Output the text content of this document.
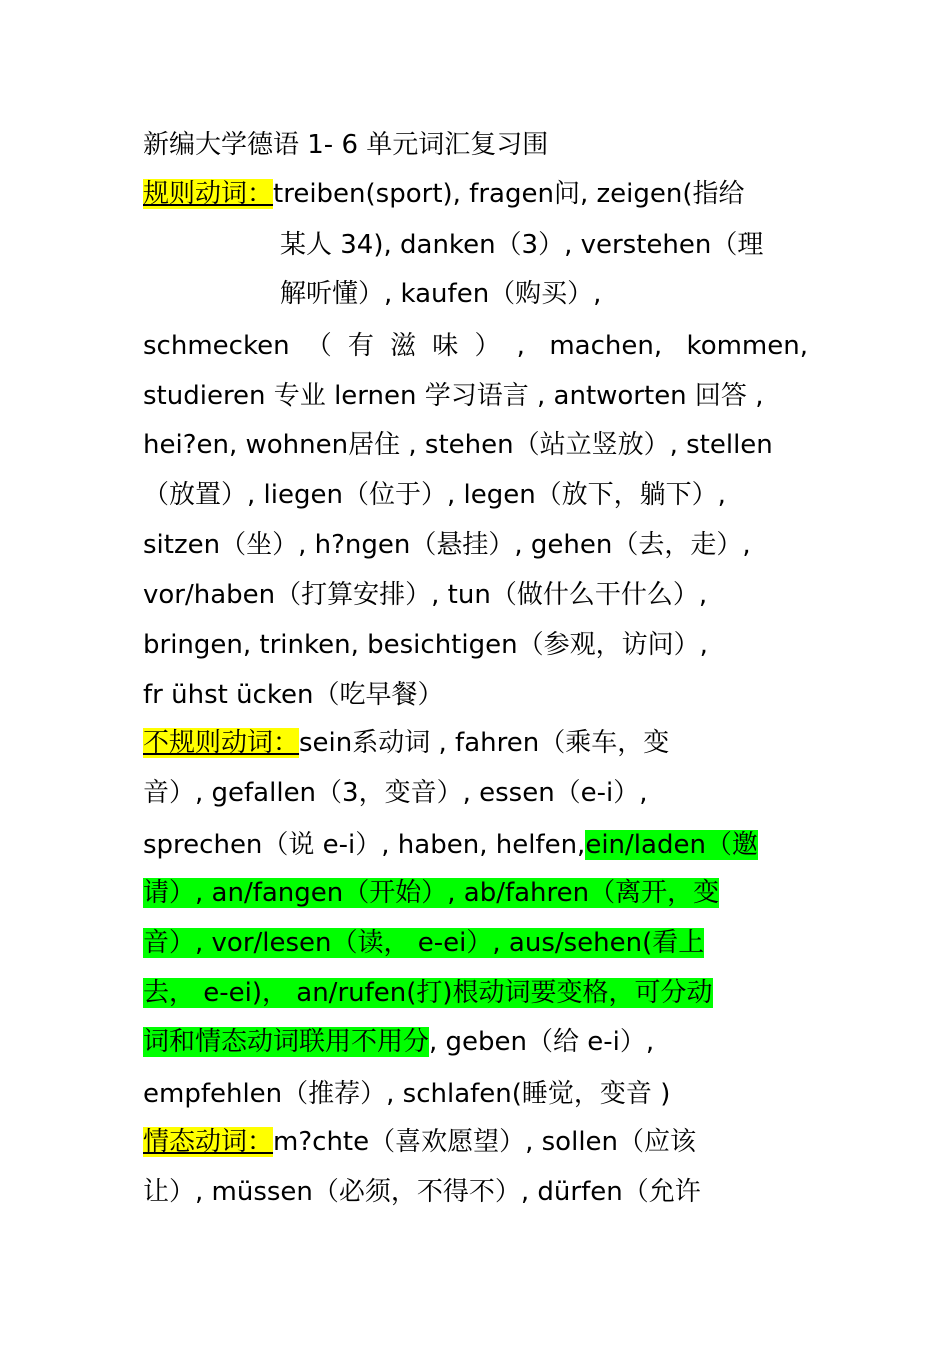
新编大学德语 1- 6 单元词汇复习围
规则动词：treiben(sport), fragen问, zeigen(指给
某人 34), danken（3）, verstehen（理
解听懂）, kaufen（购买）,
schmecken（有滋味）, machen, kommen,
studieren 专业 lernen 学习语言 , antworten 回答 ,
hei?en, wohnen居住 , stehen（站立竖放）, stellen
（放置）, liegen（位于）, legen（放下，躺下）,
sitzen（坐）, h?ngen（悬挂）, gehen（去，走）,
vor/haben（打算安排）, tun（做什么干什么）,
bringen, trinken, besichtigen（参观，访问）,
fr ühst ücken（吃早餐）
不规则动词：sein系动词 , fahren（乘车，变
音）, gefallen（3，变音）, essen（e-i）,
sprechen（说 e-i）, haben, helfen,ein/laden（邀
请）, an/fangen（开始）, ab/fahren（离开，变
音）, vor/lesen（读， e-ei）, aus/sehen(看上
去， e-ei)， an/rufen(打)根动词要变格，可分动
词和情态动词联用不用分, geben（给 e-i）,
empfehlen（推荐）, schlafen(睡觉，变音 )
情态动词：m?chte（喜欢愿望）, sollen（应该
让）, müssen（必须，不得不）, dürfen（允许
